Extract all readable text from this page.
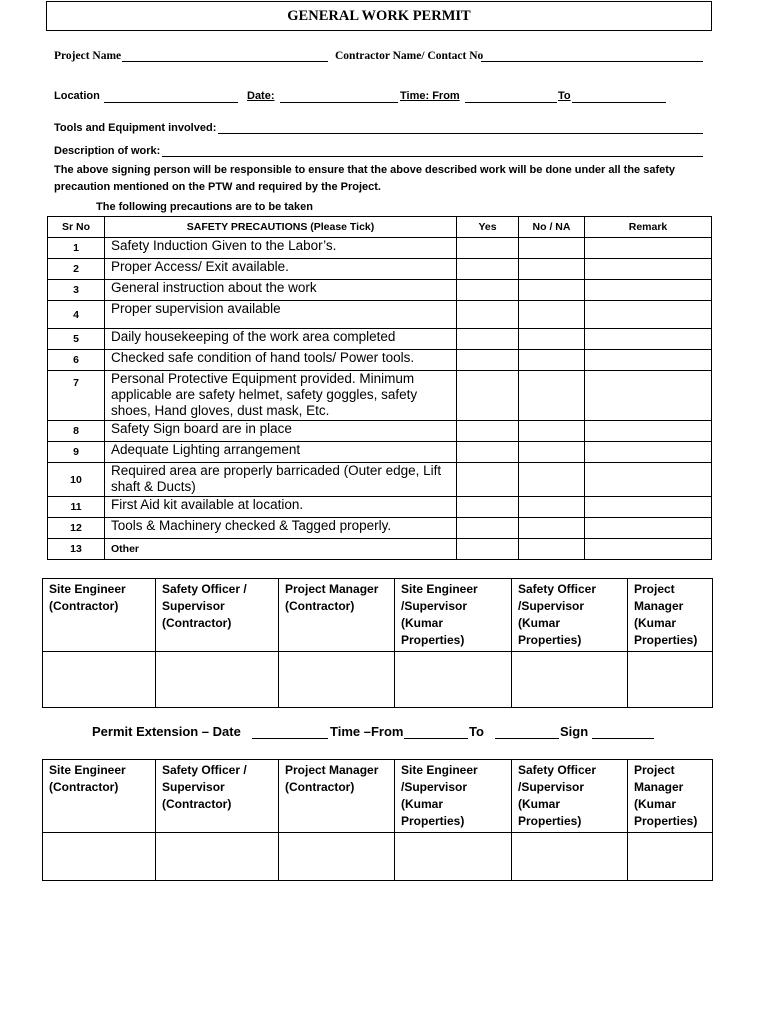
GENERAL WORK PERMIT
Project Name	Contractor Name/ Contact No
Location	Date:	Time: From	To
Tools and Equipment involved:
Description of work:
The above signing person will be responsible to ensure that the above described work will be done under all the safety precaution mentioned on the PTW and required by the Project.
The following precautions are to be taken
Sr No	SAFETY PRECAUTIONS (Please Tick)	Yes	No / NA	Remark
1	Safety Induction Given to the Labor’s.			
2	Proper Access/ Exit available.			
3	General instruction about the work			
4	Proper supervision available			
5	Daily housekeeping of the work area completed			
6	Checked safe condition of hand tools/ Power tools.			
7	Personal Protective Equipment provided. Minimum applicable are safety helmet, safety goggles, safety shoes, Hand gloves, dust mask, Etc.			
8	Safety Sign board are in place			
9	Adequate Lighting arrangement			
10	Required area are properly barricaded (Outer edge, Lift shaft & Ducts)			
11	First Aid kit available at location.			
12	Tools & Machinery checked & Tagged properly.			
13	Other			
Site Engineer (Contractor)	Safety Officer / Supervisor (Contractor)	Project Manager (Contractor)	Site Engineer /Supervisor (Kumar Properties)	Safety Officer /Supervisor (Kumar Properties)	Project Manager (Kumar Properties)

Permit Extension – Date	Time –From	To	Sign
Site Engineer (Contractor)	Safety Officer / Supervisor (Contractor)	Project Manager (Contractor)	Site Engineer /Supervisor (Kumar Properties)	Safety Officer /Supervisor (Kumar Properties)	Project Manager (Kumar Properties)
